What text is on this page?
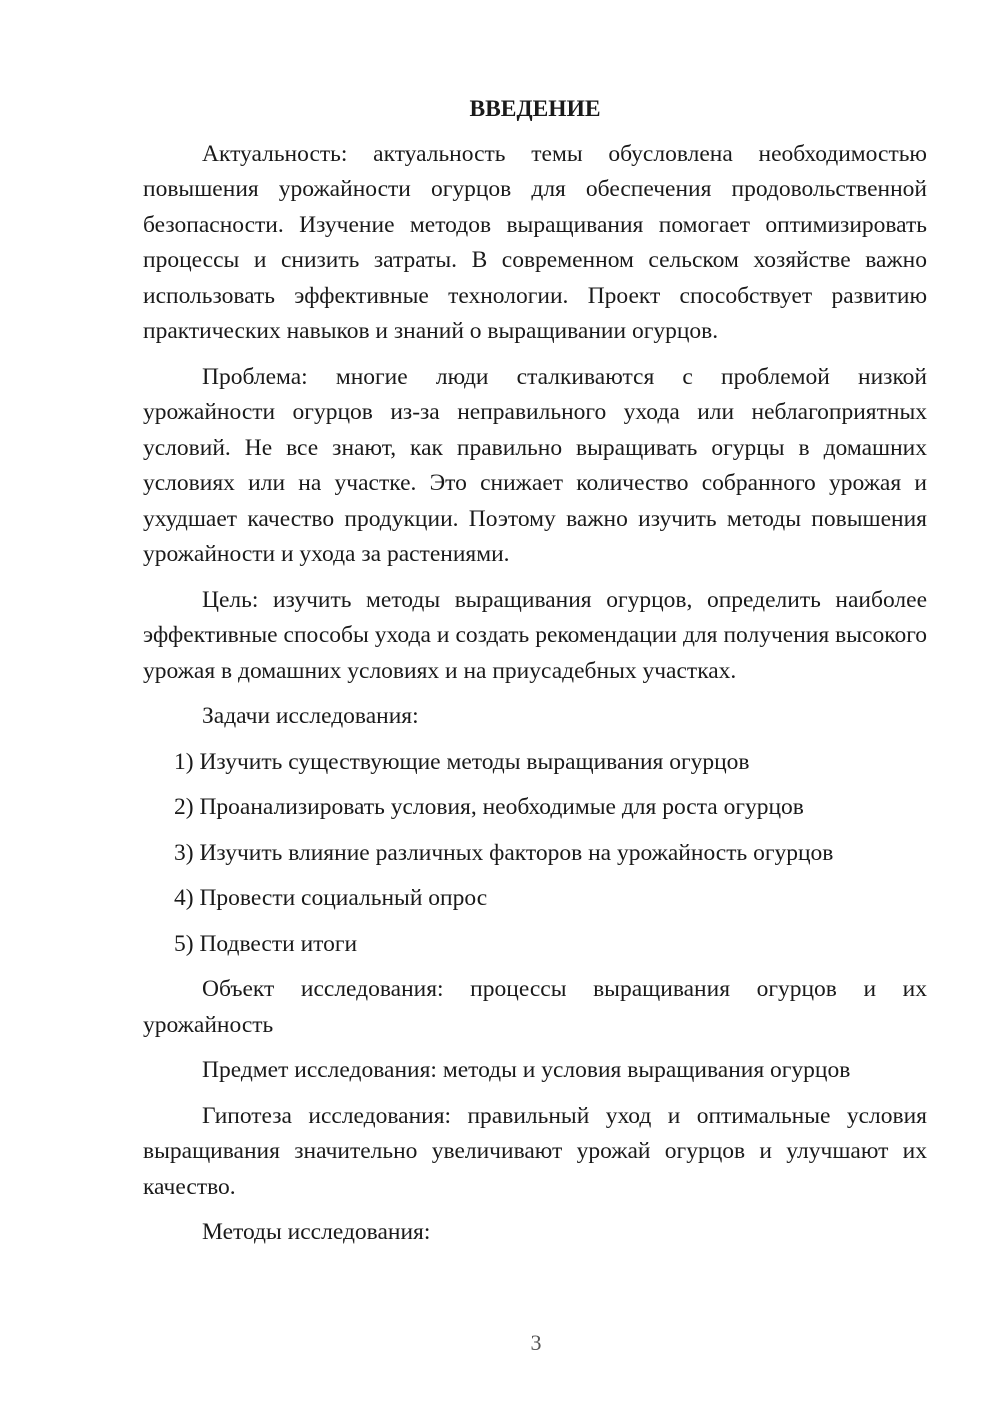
ВВЕДЕНИЕ

Актуальность: актуальность темы обусловлена необходимостью повышения урожайности огурцов для обеспечения продовольственной безопасности. Изучение методов выращивания помогает оптимизировать процессы и снизить затраты. В современном сельском хозяйстве важно использовать эффективные технологии. Проект способствует развитию практических навыков и знаний о выращивании огурцов.

Проблема: многие люди сталкиваются с проблемой низкой урожайности огурцов из-за неправильного ухода или неблагоприятных условий. Не все знают, как правильно выращивать огурцы в домашних условиях или на участке. Это снижает количество собранного урожая и ухудшает качество продукции. Поэтому важно изучить методы повышения урожайности и ухода за растениями.

Цель: изучить методы выращивания огурцов, определить наиболее эффективные способы ухода и создать рекомендации для получения высокого урожая в домашних условиях и на приусадебных участках.

Задачи исследования:

1) Изучить существующие методы выращивания огурцов
2) Проанализировать условия, необходимые для роста огурцов
3) Изучить влияние различных факторов на урожайность огурцов
4) Провести социальный опрос
5) Подвести итоги

Объект исследования: процессы выращивания огурцов и их урожайность

Предмет исследования: методы и условия выращивания огурцов

Гипотеза исследования: правильный уход и оптимальные условия выращивания значительно увеличивают урожай огурцов и улучшают их качество.

Методы исследования:

3
